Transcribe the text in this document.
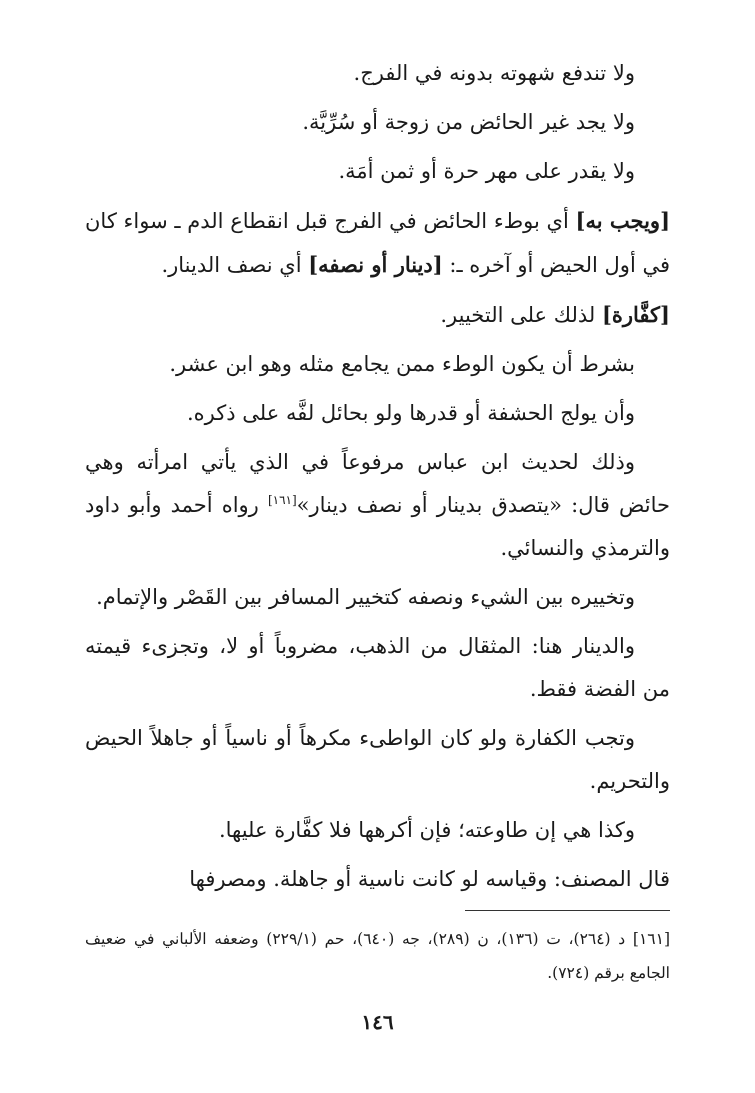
ولا تندفع شهوته بدونه في الفرج.

ولا يجد غير الحائض من زوجة أو سُرِّيَّة.

ولا يقدر على مهر حرة أو ثمن أمَة.

[ويجب به] أي بوطء الحائض في الفرج قبل انقطاع الدم ـ سواء كان في أول الحيض أو آخره ـ: [دينار أو نصفه] أي نصف الدينار.

[كفَّارة] لذلك على التخيير.

بشرط أن يكون الوطء ممن يجامع مثله وهو ابن عشر.

وأن يولج الحشفة أو قدرها ولو بحائل لفَّه على ذكره.

وذلك لحديث ابن عباس مرفوعاً في الذي يأتي امرأته وهي حائض قال: «يتصدق بدينار أو نصف دينار»[١٦١] رواه أحمد وأبو داود والترمذي والنسائي.

وتخييره بين الشيء ونصفه كتخيير المسافر بين القَصْر والإتمام.

والدينار هنا: المثقال من الذهب، مضروباً أو لا، وتجزىء قيمته من الفضة فقط.

وتجب الكفارة ولو كان الواطىء مكرهاً أو ناسياً أو جاهلاً الحيض والتحريم.

وكذا هي إن طاوعته؛ فإن أكرهها فلا كفَّارة عليها.

قال المصنف: وقياسه لو كانت ناسية أو جاهلة. ومصرفها

[١٦١] د (٢٦٤)، ت (١٣٦)، ن (٢٨٩)، جه (٦٤٠)، حم (٢٢٩/١) وضعفه الألباني في ضعيف الجامع برقم (٧٢٤).
١٤٦
